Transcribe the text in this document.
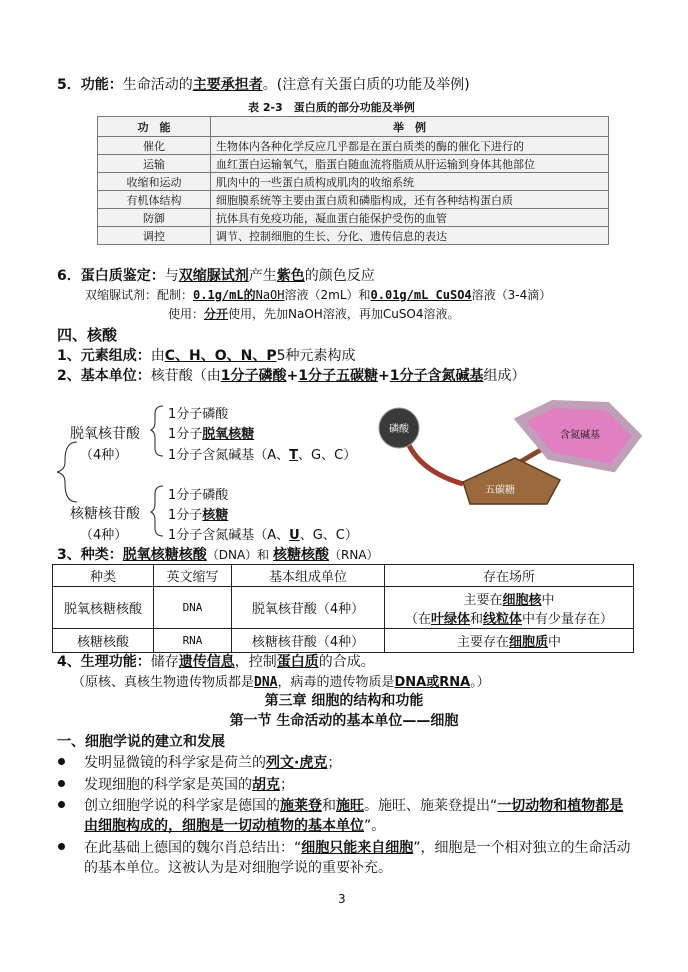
5．功能：生命活动的主要承担者。(注意有关蛋白质的功能及举例)
表 2-3　蛋白质的部分功能及举例
功　能	举　例
催化	生物体内各种化学反应几乎都是在蛋白质类的酶的催化下进行的
运输	血红蛋白运输氧气，脂蛋白随血流将脂质从肝运输到身体其他部位
收缩和运动	肌肉中的一些蛋白质构成肌肉的收缩系统
有机体结构	细胞膜系统等主要由蛋白质和磷脂构成，还有各种结构蛋白质
防御	抗体具有免疫功能，凝血蛋白能保护受伤的血管
调控	调节、控制细胞的生长、分化、遗传信息的表达
6．蛋白质鉴定：与双缩脲试剂产生紫色的颜色反应
双缩脲试剂：配制：0.1g/mL的NaOH溶液（2mL）和0.01g/mL CuSO4溶液（3-4滴）
使用：分开使用，先加NaOH溶液，再加CuSO4溶液。
四、核酸
1、元素组成：由C、H、O、N、P5种元素构成
2、基本单位：核苷酸（由1分子磷酸+1分子五碳糖+1分子含氮碱基组成）
脱氧核苷酸
（4种）
1分子磷酸
1分子脱氧核糖
1分子含氮碱基（A、T、G、C）
核糖核苷酸
（4种）
1分子磷酸
1分子核糖
1分子含氮碱基（A、U、G、C）
磷酸
含氮碱基
五碳糖
3、种类：脱氧核糖核酸（DNA）和 核糖核酸（RNA）
种类	英文缩写	基本组成单位	存在场所
脱氧核糖核酸	DNA	脱氧核苷酸（4种）	主要在细胞核中
（在叶绿体和线粒体中有少量存在）

核糖核酸	RNA	核糖核苷酸（4种）	主要存在细胞质中
4、生理功能：储存遗传信息，控制蛋白质的合成。
（原核、真核生物遗传物质都是DNA，病毒的遗传物质是DNA或RNA。）
第三章 细胞的结构和功能
第一节 生命活动的基本单位——细胞
一、细胞学说的建立和发展
发明显微镜的科学家是荷兰的列文·虎克；
发现细胞的科学家是英国的胡克；
创立细胞学说的科学家是德国的施莱登和施旺。施旺、施莱登提出“一切动物和植物都是
由细胞构成的，细胞是一切动植物的基本单位”。
在此基础上德国的魏尔肖总结出：“细胞只能来自细胞”，细胞是一个相对独立的生命活动
的基本单位。这被认为是对细胞学说的重要补充。
3
